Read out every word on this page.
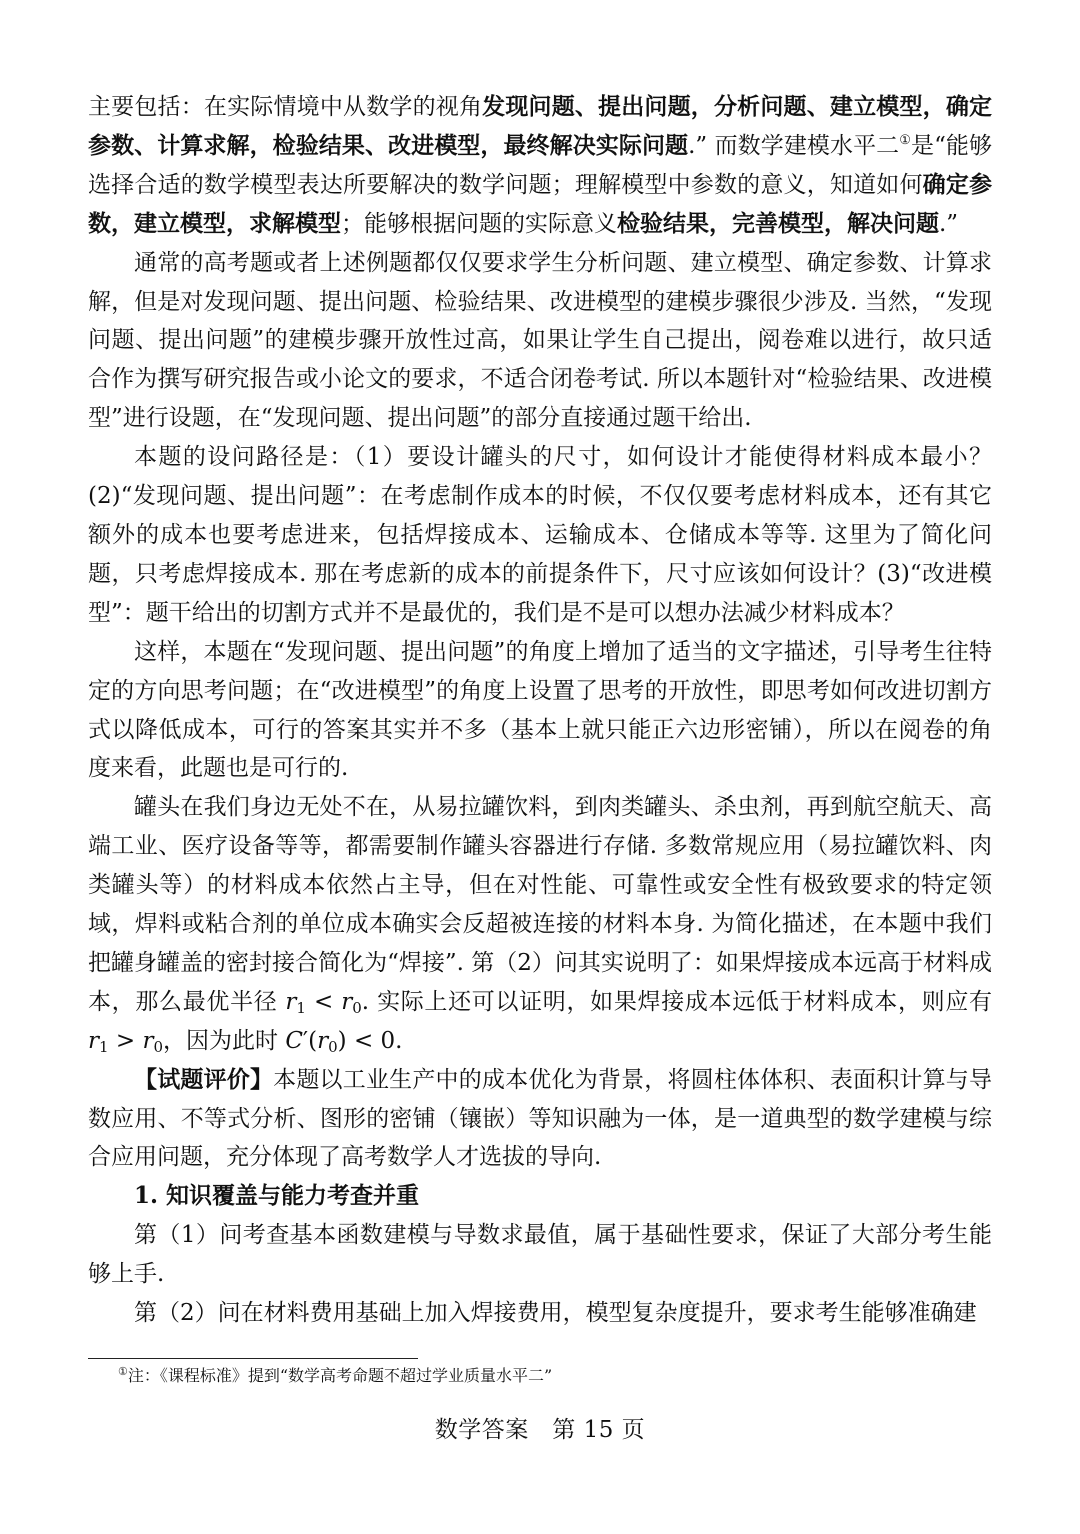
主要包括：在实际情境中从数学的视角发现问题、提出问题，分析问题、建立模型，确定参数、计算求解，检验结果、改进模型，最终解决实际问题.” 而数学建模水平二①是“能够选择合适的数学模型表达所要解决的数学问题；理解模型中参数的意义，知道如何确定参数，建立模型，求解模型；能够根据问题的实际意义检验结果，完善模型，解决问题.”

通常的高考题或者上述例题都仅仅要求学生分析问题、建立模型、确定参数、计算求解，但是对发现问题、提出问题、检验结果、改进模型的建模步骤很少涉及. 当然，“发现问题、提出问题”的建模步骤开放性过高，如果让学生自己提出，阅卷难以进行，故只适合作为撰写研究报告或小论文的要求，不适合闭卷考试. 所以本题针对“检验结果、改进模型”进行设题，在“发现问题、提出问题”的部分直接通过题干给出.

本题的设问路径是：（1）要设计罐头的尺寸，如何设计才能使得材料成本最小？(2)“发现问题、提出问题”：在考虑制作成本的时候，不仅仅要考虑材料成本，还有其它额外的成本也要考虑进来，包括焊接成本、运输成本、仓储成本等等. 这里为了简化问题，只考虑焊接成本. 那在考虑新的成本的前提条件下，尺寸应该如何设计？(3)“改进模型”：题干给出的切割方式并不是最优的，我们是不是可以想办法减少材料成本？

这样，本题在“发现问题、提出问题”的角度上增加了适当的文字描述，引导考生往特定的方向思考问题；在“改进模型”的角度上设置了思考的开放性，即思考如何改进切割方式以降低成本，可行的答案其实并不多（基本上就只能正六边形密铺），所以在阅卷的角度来看，此题也是可行的.

罐头在我们身边无处不在，从易拉罐饮料，到肉类罐头、杀虫剂，再到航空航天、高端工业、医疗设备等等，都需要制作罐头容器进行存储. 多数常规应用（易拉罐饮料、肉类罐头等）的材料成本依然占主导，但在对性能、可靠性或安全性有极致要求的特定领域，焊料或粘合剂的单位成本确实会反超被连接的材料本身. 为简化描述，在本题中我们把罐身罐盖的密封接合简化为“焊接”. 第（2）问其实说明了：如果焊接成本远高于材料成本，那么最优半径 $r_1 < r_0$. 实际上还可以证明，如果焊接成本远低于材料成本，则应有 $r_1 > r_0$，因为此时 $C'(r_0) < 0$.

【试题评价】本题以工业生产中的成本优化为背景，将圆柱体体积、表面积计算与导数应用、不等式分析、图形的密铺（镶嵌）等知识融为一体，是一道典型的数学建模与综合应用问题，充分体现了高考数学人才选拔的导向.

1. 知识覆盖与能力考查并重

第（1）问考查基本函数建模与导数求最值，属于基础性要求，保证了大部分考生能够上手.

第（2）问在材料费用基础上加入焊接费用，模型复杂度提升，要求考生能够准确建

①注：《课程标准》提到“数学高考命题不超过学业质量水平二”
数学答案　第 15 页
